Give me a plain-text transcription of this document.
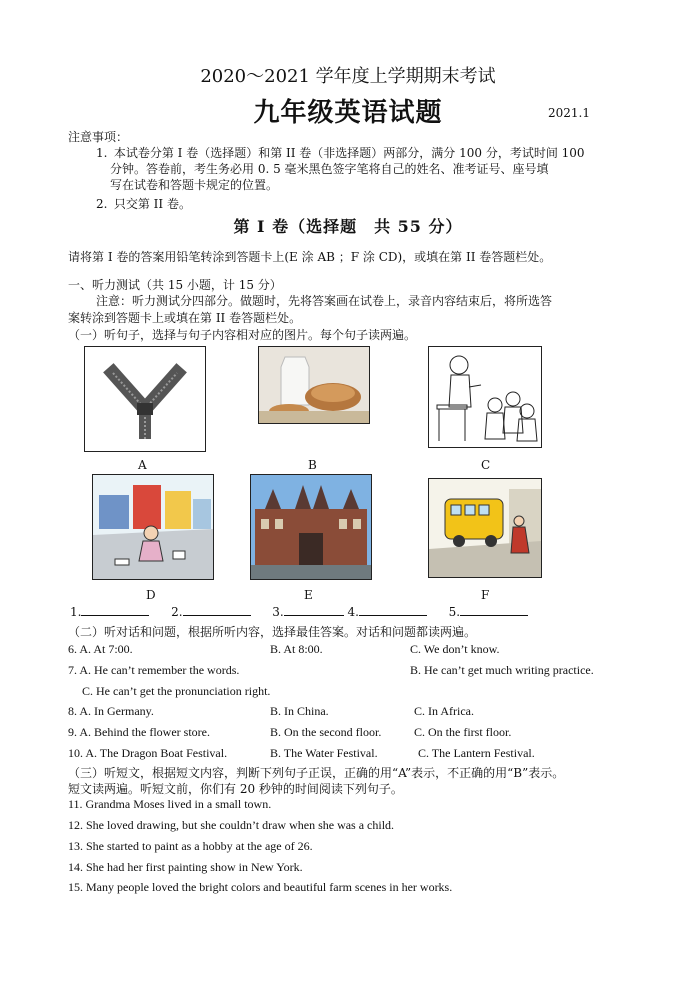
2020～2021 学年度上学期期末考试
九年级英语试题	2021.1
注意事项：
1. 本试卷分第 I 卷（选择题）和第 II 卷（非选择题）两部分，满分 100 分，考试时间 100
分钟。答卷前，考生务必用 0. 5 毫米黑色签字笔将自己的姓名、准考证号、座号填
写在试卷和答题卡规定的位置。
2. 只交第 II 卷。
第 I 卷（选择题　共 55 分）
请将第 I 卷的答案用铅笔转涂到答题卡上(E 涂 AB ；F 涂 CD)，或填在第 II 卷答题栏处。
一、听力测试（共 15 小题，计 15 分）
注意：听力测试分四部分。做题时，先将答案画在试卷上，录音内容结束后，将所选答
案转涂到答题卡上或填在第 II 卷答题栏处。
（一）听句子，选择与句子内容相对应的图片。每个句子读两遍。
A	B	C
D	E	F
1.	2.	3.	4.	5.
（二）听对话和问题，根据所听内容，选择最佳答案。对话和问题都读两遍。
6. A. At 7:00.	B. At 8:00.	C. We don’t know.
7. A. He can’t remember the words.	B. He can’t get much writing practice.
C. He can’t get the pronunciation right.
8. A. In Germany.	B. In China.	C. In Africa.
9. A. Behind the flower store.	B. On the second floor.	C. On the first floor.
10. A. The Dragon Boat Festival.	B. The Water Festival.	C. The Lantern Festival.
（三）听短文，根据短文内容，判断下列句子正误，正确的用“A”表示，不正确的用“B”表示。
短文读两遍。听短文前，你们有 20 秒钟的时间阅读下列句子。
11. Grandma Moses lived in a small town.
12. She loved drawing, but she couldn’t draw when she was a child.
13. She started to paint as a hobby at the age of 26.
14. She had her first painting show in New York.
15. Many people loved the bright colors and beautiful farm scenes in her works.
